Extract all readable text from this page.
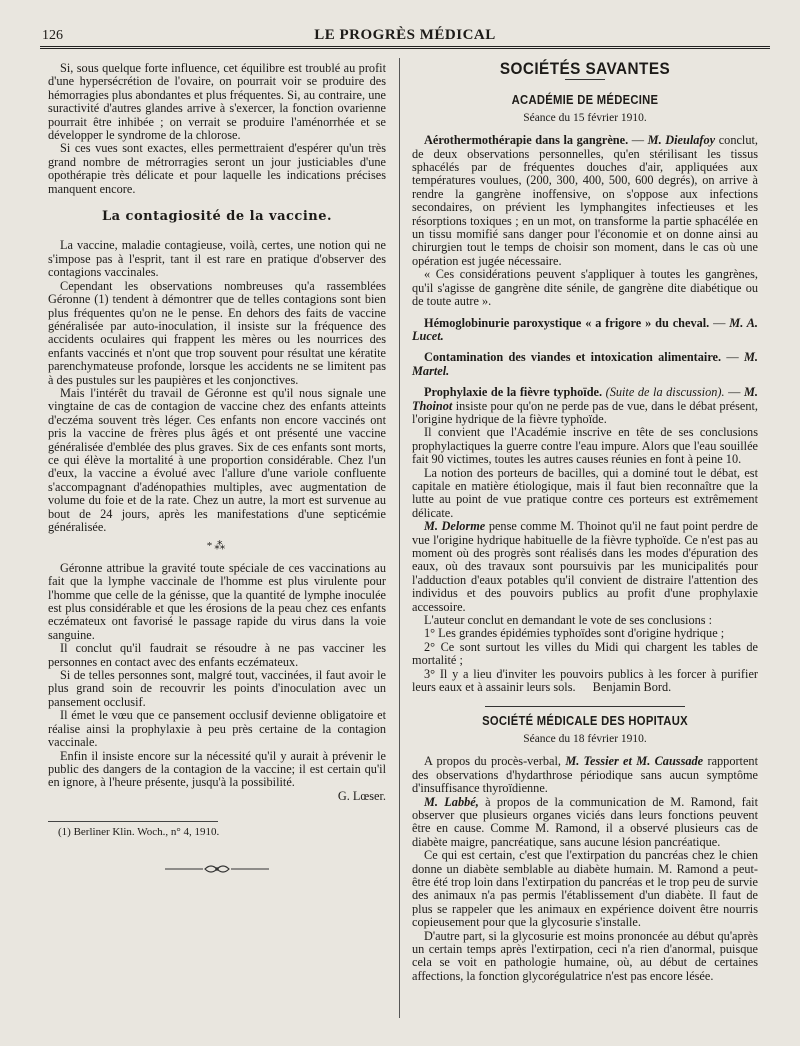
126	LE PROGRÈS MÉDICAL

Si, sous quelque forte influence, cet équilibre est troublé au profit d'une hypersécrétion de l'ovaire, on pourrait voir se produire des hémorragies plus abondantes et plus fréquentes. Si, au contraire, une suractivité d'autres glandes arrive à s'exercer, la fonction ovarienne pourrait être inhibée ; on verrait se produire l'aménorrhée et se développer le syndrome de la chlorose.

Si ces vues sont exactes, elles permettraient d'espérer qu'un très grand nombre de métrorragies seront un jour justiciables d'une opothérapie très délicate et pour laquelle les indications précises manquent encore.

La contagiosité de la vaccine.

La vaccine, maladie contagieuse, voilà, certes, une notion qui ne s'impose pas à l'esprit, tant il est rare en pratique d'observer des contagions vaccinales.

Cependant les observations nombreuses qu'a rassemblées Géronne (1) tendent à démontrer que de telles contagions sont bien plus fréquentes qu'on ne le pense. En dehors des faits de vaccine généralisée par auto-inoculation, il insiste sur la fréquence des accidents oculaires qui frappent les mères ou les nourrices des enfants vaccinés et n'ont que trop souvent pour résultat une kératite parenchymateuse profonde, lorsque les accidents ne se limitent pas à des pustules sur les paupières et les conjonctives.

Mais l'intérêt du travail de Géronne est qu'il nous signale une vingtaine de cas de contagion de vaccine chez des enfants atteints d'eczéma souvent très léger. Ces enfants non encore vaccinés ont pris la vaccine de frères plus âgés et ont présenté une vaccine généralisée d'emblée des plus graves. Six de ces enfants sont morts, ce qui élève la mortalité à une proportion considérable. Chez l'un d'eux, la vaccine a évolué avec l'allure d'une variole confluente s'accompagnant d'adénopathies multiples, avec augmentation de volume du foie et de la rate. Chez un autre, la mort est survenue au bout de 24 jours, après les manifestations d'une septicémie généralisée.

*⁂

Géronne attribue la gravité toute spéciale de ces vaccinations au fait que la lymphe vaccinale de l'homme est plus virulente pour l'homme que celle de la génisse, que la quantité de lymphe inoculée est plus considérable et que les érosions de la peau chez ces enfants eczémateux ont favorisé le passage rapide du virus dans la voie sanguine.

Il conclut qu'il faudrait se résoudre à ne pas vacciner les personnes en contact avec des enfants eczémateux.

Si de telles personnes sont, malgré tout, vaccinées, il faut avoir le plus grand soin de recouvrir les points d'inoculation avec un pansement occlusif.

Il émet le vœu que ce pansement occlusif devienne obligatoire et réalise ainsi la prophylaxie à peu près certaine de la contagion vaccinale.

Enfin il insiste encore sur la nécessité qu'il y aurait à prévenir le public des dangers de la contagion de la vaccine; il est certain qu'il en ignore, à l'heure présente, jusqu'à la possibilité.

G. Lœser.

(1) Berliner Klin. Woch., n° 4, 1910.

SOCIÉTÉS SAVANTES
ACADÉMIE DE MÉDECINE
Séance du 15 février 1910.

Aérothermothérapie dans la gangrène. — M. Dieulafoy conclut, de deux observations personnelles, qu'en stérilisant les tissus sphacélés par de fréquentes douches d'air, appliquées aux températures voulues, (200, 300, 400, 500, 600 degrés), on arrive à rendre la gangrène inoffensive, on s'oppose aux infections secondaires, on prévient les lymphangites infectieuses et les résorptions toxiques ; en un mot, on transforme la partie sphacélée en un tissu momifié sans danger pour l'économie et on donne ainsi au chirurgien tout le temps de choisir son moment, dans le cas où une opération est jugée nécessaire.

« Ces considérations peuvent s'appliquer à toutes les gangrènes, qu'il s'agisse de gangrène dite sénile, de gangrène dite diabétique ou de toute autre ».

Hémoglobinurie paroxystique « a frigore » du cheval. — M. A. Lucet.

Contamination des viandes et intoxication alimentaire. — M. Martel.

Prophylaxie de la fièvre typhoïde. (Suite de la discussion). — M. Thoinot insiste pour qu'on ne perde pas de vue, dans le débat présent, l'origine hydrique de la fièvre typhoïde.

Il convient que l'Académie inscrive en tête de ses conclusions prophylactiques la guerre contre l'eau impure. Alors que l'eau souillée fait 90 victimes, toutes les autres causes réunies en font à peine 10.

La notion des porteurs de bacilles, qui a dominé tout le débat, est capitale en matière étiologique, mais il faut bien reconnaître que la lutte au point de vue pratique contre ces porteurs est extrêmement délicate.

M. Delorme pense comme M. Thoinot qu'il ne faut point perdre de vue l'origine hydrique habituelle de la fièvre typhoïde. Ce n'est pas au moment où des progrès sont réalisés dans les modes d'épuration des eaux, où des travaux sont poursuivis par les municipalités pour l'adduction d'eaux potables qu'il convient de distraire l'attention des individus et des pouvoirs publics au profit d'une prophylaxie accessoire.

L'auteur conclut en demandant le vote de ses conclusions :

1° Les grandes épidémies typhoïdes sont d'origine hydrique ;

2° Ce sont surtout les villes du Midi qui chargent les tables de mortalité ;

3° Il y a lieu d'inviter les pouvoirs publics à les forcer à purifier leurs eaux et à assainir leurs sols. Benjamin Bord.

SOCIÉTÉ MÉDICALE DES HOPITAUX
Séance du 18 février 1910.

A propos du procès-verbal, M. Tessier et M. Caussade rapportent des observations d'hydarthrose périodique sans aucun symptôme d'insuffisance thyroïdienne.

M. Labbé, à propos de la communication de M. Ramond, fait observer que plusieurs organes viciés dans leurs fonctions peuvent être en cause. Comme M. Ramond, il a observé plusieurs cas de diabète maigre, pancréatique, sans aucune lésion pancréatique.

Ce qui est certain, c'est que l'extirpation du pancréas chez le chien donne un diabète semblable au diabète humain. M. Ramond a peut-être été trop loin dans l'extirpation du pancréas et le trop peu de survie des animaux n'a pas permis l'établissement d'un diabète. Il faut de plus se rappeler que les animaux en expérience doivent être nourris copieusement pour que la glycosurie s'installe.

D'autre part, si la glycosurie est moins prononcée au début qu'après un certain temps après l'extirpation, ceci n'a rien d'anormal, puisque cela se voit en pathologie humaine, où, au début de certaines affections, la fonction glycorégulatrice n'est pas encore lésée.
